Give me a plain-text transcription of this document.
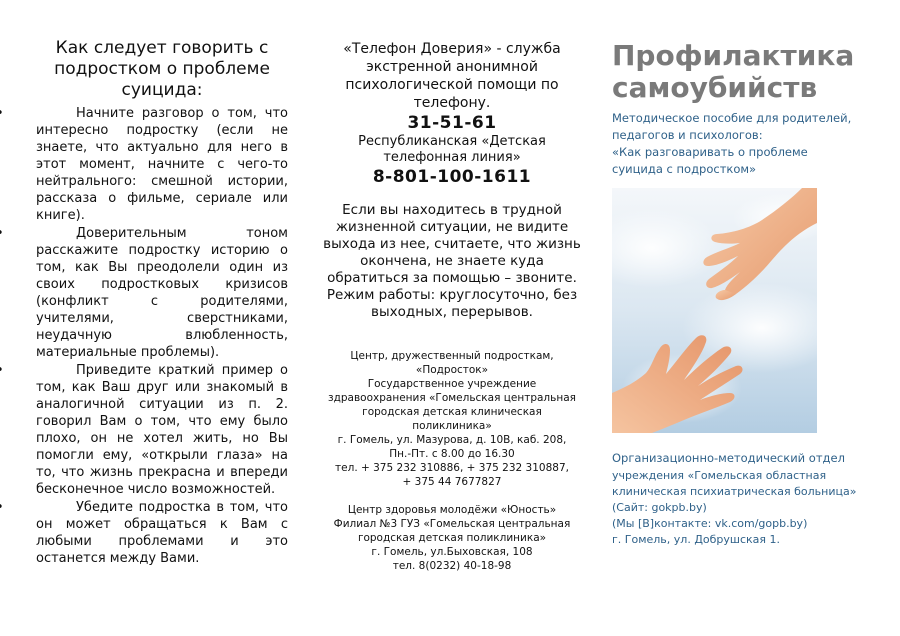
Как следует говорить с подростком о проблеме суицида:
• Начните разговор о том, что интересно подростку (если не знаете, что актуально для него в этот момент, начните с чего-то нейтрального: смешной истории, рассказа о фильме, сериале или книге).
• Доверительным тоном расскажите подростку историю о том, как Вы преодолели один из своих подростковых кризисов (конфликт с родителями, учителями, сверстниками, неудачную влюбленность, материальные проблемы).
• Приведите краткий пример о том, как Ваш друг или знакомый в аналогичной ситуации из п. 2. говорил Вам о том, что ему было плохо, он не хотел жить, но Вы помогли ему, «открыли глаза» на то, что жизнь прекрасна и впереди бесконечное число возможностей.
• Убедите подростка в том, что он может обращаться к Вам с любыми проблемами и это останется между Вами.
«Телефон Доверия» - служба экстренной анонимной психологической помощи по телефону.
31-51-61
Республиканская «Детская телефонная линия»
8-801-100-1611
Если вы находитесь в трудной жизненной ситуации, не видите выхода из нее, считаете, что жизнь окончена, не знаете куда обратиться за помощью – звоните. Режим работы: круглосуточно, без выходных, перерывов.
Центр, дружественный подросткам,
«Подросток»
Государственное учреждение
здравоохранения «Гомельская центральная
городская детская клиническая
поликлиника»
г. Гомель, ул. Мазурова, д. 10В, каб. 208,
Пн.-Пт. с 8.00 до 16.30
тел. + 375 232 310886, + 375 232 310887,
+ 375 44 7677827
Центр здоровья молодёжи «Юность»
Филиал №3 ГУЗ «Гомельская центральная
городская детская поликлиника»
г. Гомель, ул.Быховская, 108
тел. 8(0232) 40-18-98
Профилактика
самоубийств
Методическое пособие для родителей,
педагогов и психологов:
«Как разговаривать о проблеме
суицида с подростком»
Организационно-методический отдел
учреждения «Гомельская областная
клиническая психиатрическая больница»
(Сайт: gokpb.by)
(Мы [В]контакте: vk.com/gopb.by)
г. Гомель, ул. Добрушская 1.
